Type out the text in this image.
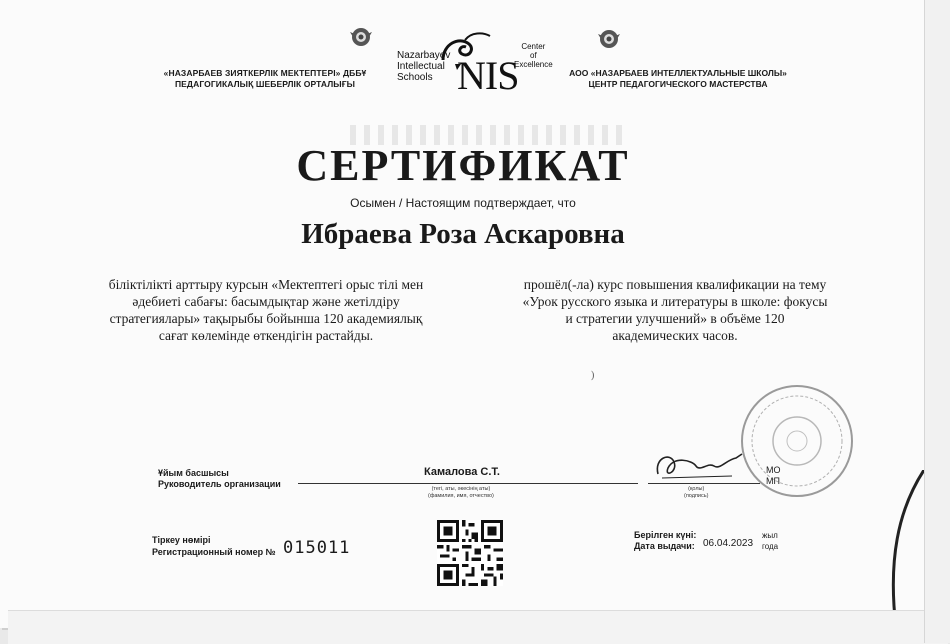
«НАЗАРБАЕВ ЗИЯТКЕРЛІК МЕКТЕПТЕРІ» ДББҰ
ПЕДАГОГИКАЛЫҚ ШЕБЕРЛІК ОРТАЛЫҒЫ
АОО «НАЗАРБАЕВ ИНТЕЛЛЕКТУАЛЬНЫЕ ШКОЛЫ»
ЦЕНТР ПЕДАГОГИЧЕСКОГО МАСТЕРСТВА
Nazarbayev
Intellectual
Schools NIS
Center
of Excellence
СЕРТИФИКАТ
Осымен / Настоящим подтверждает, что
Ибраева Роза Аскаровна
біліктілікті арттыру курсын «Мектептегі орыс тілі мен әдебиеті сабағы: басымдықтар және жетілдіру стратегиялары» тақырыбы бойынша 120 академиялық сағат көлемінде өткендігін растайды.
прошёл(-ла) курс повышения квалификации на тему «Урок русского языка и литературы в школе: фокусы и стратегии улучшений» в объёме 120 академических часов.
)
Ұйым басшысы
Руководитель организации
Камалова С.Т.
(тегі, аты, әкесінің аты)
(фамилия, имя, отчество)
(қолы)
(подпись)
МО
МП
Тіркеу нөмірі
Регистрационный номер № 015011
Берілген күні:
Дата выдачи: 06.04.2023
жыл
года
